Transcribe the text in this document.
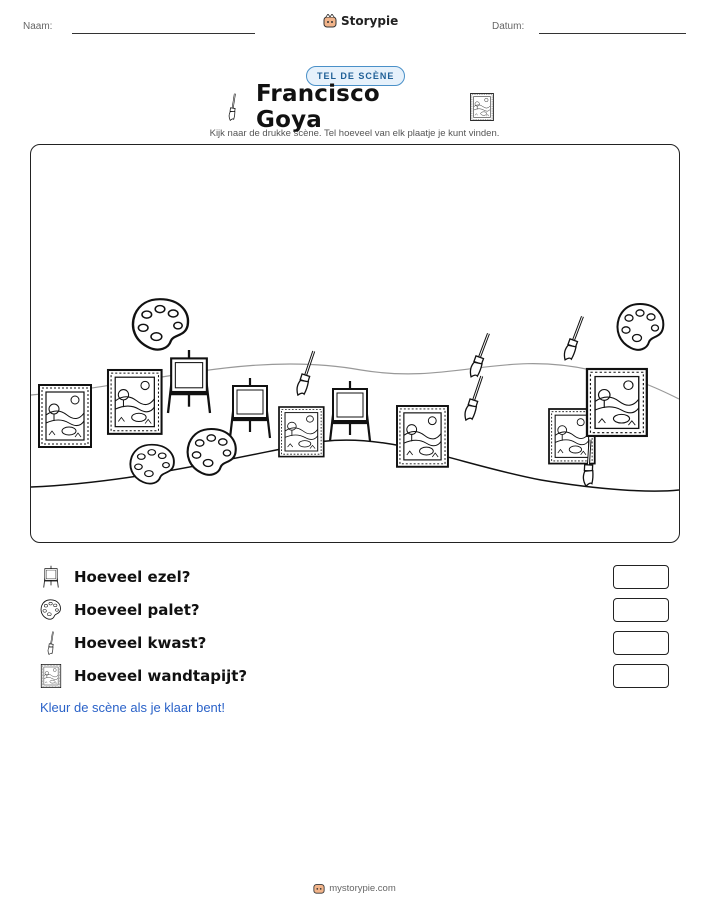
Naam:	Storypie	Datum:
TEL DE SCÈNE
Francisco Goya
Kijk naar de drukke scène. Tel hoeveel van elk plaatje je kunt vinden.
Hoeveel ezel?
Hoeveel palet?
Hoeveel kwast?
Hoeveel wandtapijt?
Kleur de scène als je klaar bent!
mystorypie.com
